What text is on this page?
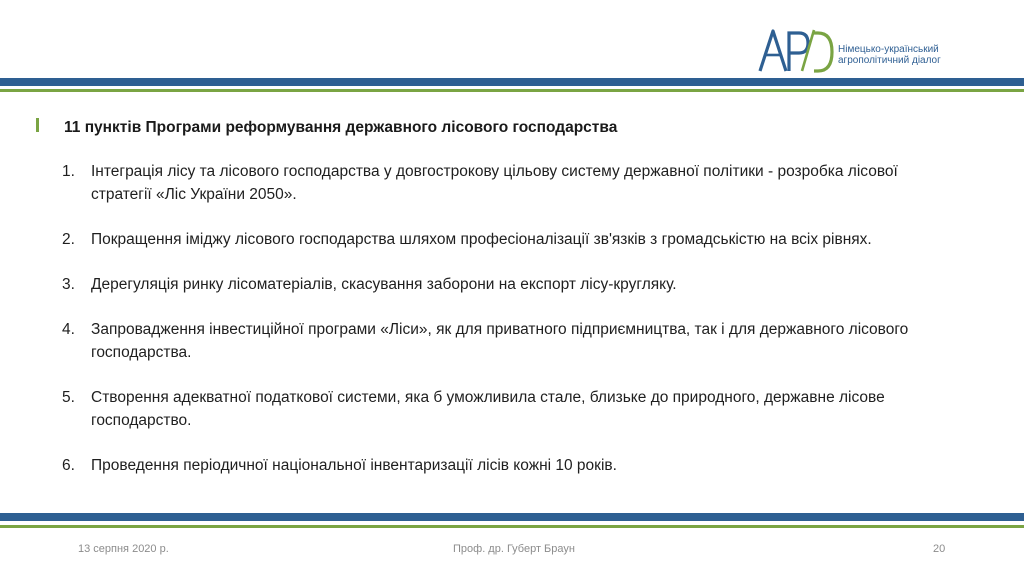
Німецько-український
агрополітичний діалог
11 пунктів Програми реформування державного лісового господарства
1. Інтеграція лісу та лісового господарства у довгострокову цільову систему державної політики - розробка лісової стратегії «Ліс України 2050».
2. Покращення іміджу лісового господарства шляхом професіоналізації зв'язків з громадськістю на всіх рівнях.
3. Дерегуляція ринку лісоматеріалів, скасування заборони на експорт лісу-кругляку.
4. Запровадження інвестиційної програми «Ліси», як для приватного підприємництва, так і для державного лісового господарства.
5. Створення адекватної податкової системи, яка б уможливила стале, близьке до природного, державне лісове господарство.
6. Проведення періодичної національної інвентаризації лісів кожні 10 років.
13 серпня 2020 р.	Проф. др. Губерт Браун	20
